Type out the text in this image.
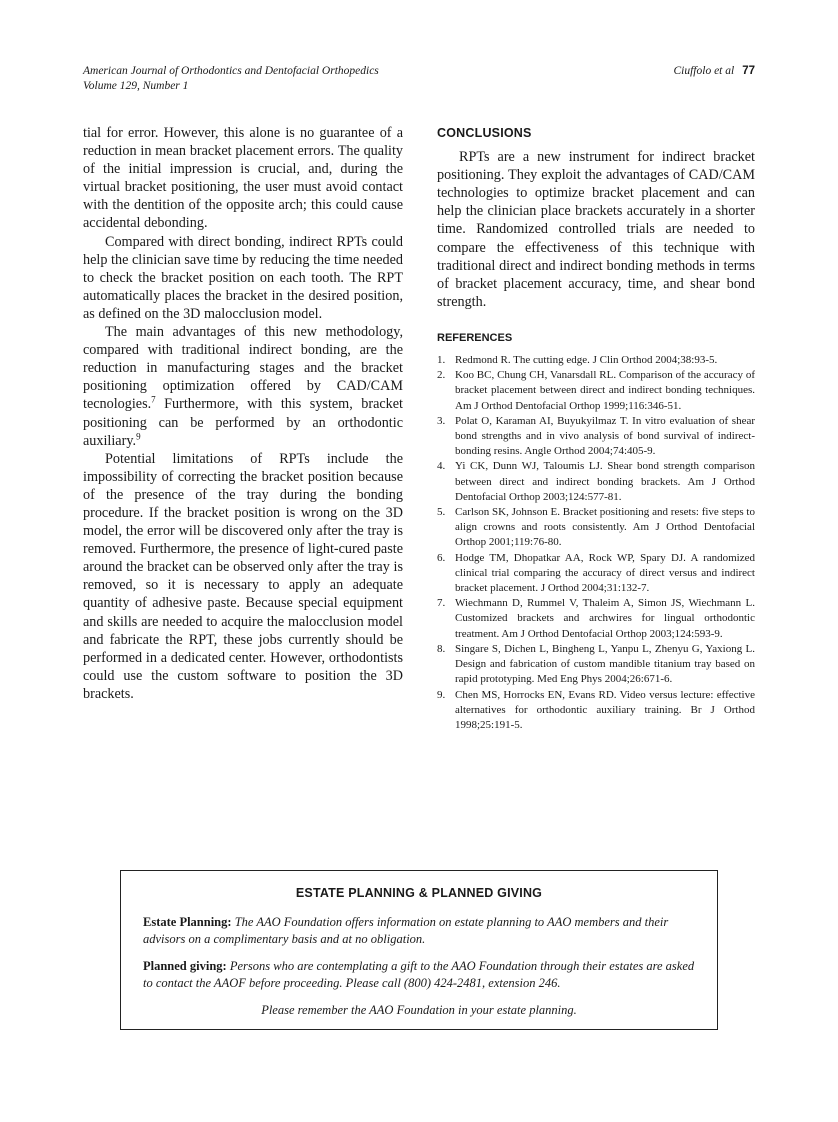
American Journal of Orthodontics and Dentofacial Orthopedics
Volume 129, Number 1
Ciuffolo et al 77

tial for error. However, this alone is no guarantee of a reduction in mean bracket placement errors. The quality of the initial impression is crucial, and, during the virtual bracket positioning, the user must avoid contact with the dentition of the opposite arch; this could cause accidental debonding.

Compared with direct bonding, indirect RPTs could help the clinician save time by reducing the time needed to check the bracket position on each tooth. The RPT automatically places the bracket in the desired position, as defined on the 3D malocclusion model.

The main advantages of this new methodology, compared with traditional indirect bonding, are the reduction in manufacturing stages and the bracket positioning optimization offered by CAD/CAM tecnologies.$^7$ Furthermore, with this system, bracket positioning can be performed by an orthodontic auxiliary.$^9$

Potential limitations of RPTs include the impossibility of correcting the bracket position because of the presence of the tray during the bonding procedure. If the bracket position is wrong on the 3D model, the error will be discovered only after the tray is removed. Furthermore, the presence of light-cured paste around the bracket can be observed only after the tray is removed, so it is necessary to apply an adequate quantity of adhesive paste. Because special equipment and skills are needed to acquire the malocclusion model and fabricate the RPT, these jobs currently should be performed in a dedicated center. However, orthodontists could use the custom software to position the 3D brackets.

CONCLUSIONS

RPTs are a new instrument for indirect bracket positioning. They exploit the advantages of CAD/CAM technologies to optimize bracket placement and can help the clinician place brackets accurately in a shorter time. Randomized controlled trials are needed to compare the effectiveness of this technique with traditional direct and indirect bonding methods in terms of bracket placement accuracy, time, and shear bond strength.

REFERENCES
1. Redmond R. The cutting edge. J Clin Orthod 2004;38:93-5.
2. Koo BC, Chung CH, Vanarsdall RL. Comparison of the accuracy of bracket placement between direct and indirect bonding techniques. Am J Orthod Dentofacial Orthop 1999;116:346-51.
3. Polat O, Karaman AI, Buyukyilmaz T. In vitro evaluation of shear bond strengths and in vivo analysis of bond survival of indirect-bonding resins. Angle Orthod 2004;74:405-9.
4. Yi CK, Dunn WJ, Taloumis LJ. Shear bond strength comparison between direct and indirect bonding brackets. Am J Orthod Dentofacial Orthop 2003;124:577-81.
5. Carlson SK, Johnson E. Bracket positioning and resets: five steps to align crowns and roots consistently. Am J Orthod Dentofacial Orthop 2001;119:76-80.
6. Hodge TM, Dhopatkar AA, Rock WP, Spary DJ. A randomized clinical trial comparing the accuracy of direct versus and indirect bracket placement. J Orthod 2004;31:132-7.
7. Wiechmann D, Rummel V, Thaleim A, Simon JS, Wiechmann L. Customized brackets and archwires for lingual orthodontic treatment. Am J Orthod Dentofacial Orthop 2003;124:593-9.
8. Singare S, Dichen L, Bingheng L, Yanpu L, Zhenyu G, Yaxiong L. Design and fabrication of custom mandible titanium tray based on rapid prototyping. Med Eng Phys 2004;26:671-6.
9. Chen MS, Horrocks EN, Evans RD. Video versus lecture: effective alternatives for orthodontic auxiliary training. Br J Orthod 1998;25:191-5.
ESTATE PLANNING & PLANNED GIVING

Estate Planning: The AAO Foundation offers information on estate planning to AAO members and their advisors on a complimentary basis and at no obligation.

Planned giving: Persons who are contemplating a gift to the AAO Foundation through their estates are asked to contact the AAOF before proceeding. Please call (800) 424-2481, extension 246.

Please remember the AAO Foundation in your estate planning.
